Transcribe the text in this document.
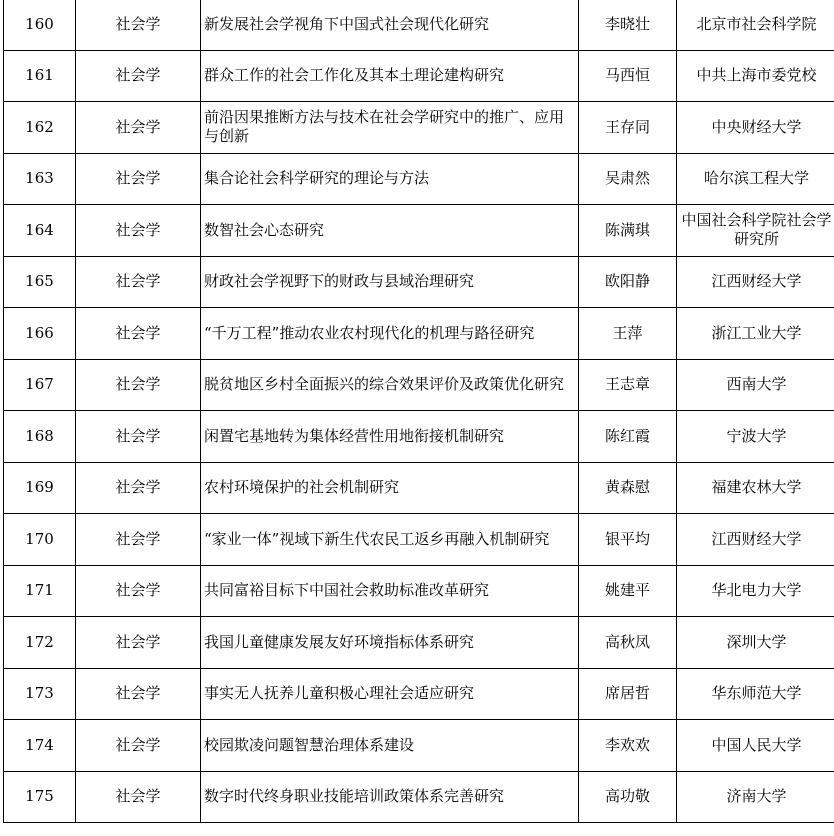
160	社会学	新发展社会学视角下中国式社会现代化研究	李晓壮	北京市社会科学院

161	社会学	群众工作的社会工作化及其本土理论建构研究	马西恒	中共上海市委党校

162	社会学	前沿因果推断方法与技术在社会学研究中的推广、应用与创新	王存同	中央财经大学

163	社会学	集合论社会科学研究的理论与方法	吴肃然	哈尔滨工程大学

164	社会学	数智社会心态研究	陈满琪	中国社会科学院社会学研究所

165	社会学	财政社会学视野下的财政与县域治理研究	欧阳静	江西财经大学

166	社会学	“千万工程”推动农业农村现代化的机理与路径研究	王萍	浙江工业大学

167	社会学	脱贫地区乡村全面振兴的综合效果评价及政策优化研究	王志章	西南大学

168	社会学	闲置宅基地转为集体经营性用地衔接机制研究	陈红霞	宁波大学

169	社会学	农村环境保护的社会机制研究	黄森慰	福建农林大学

170	社会学	“家业一体”视域下新生代农民工返乡再融入机制研究	银平均	江西财经大学

171	社会学	共同富裕目标下中国社会救助标准改革研究	姚建平	华北电力大学

172	社会学	我国儿童健康发展友好环境指标体系研究	高秋凤	深圳大学

173	社会学	事实无人抚养儿童积极心理社会适应研究	席居哲	华东师范大学

174	社会学	校园欺凌问题智慧治理体系建设	李欢欢	中国人民大学

175	社会学	数字时代终身职业技能培训政策体系完善研究	高功敬	济南大学
